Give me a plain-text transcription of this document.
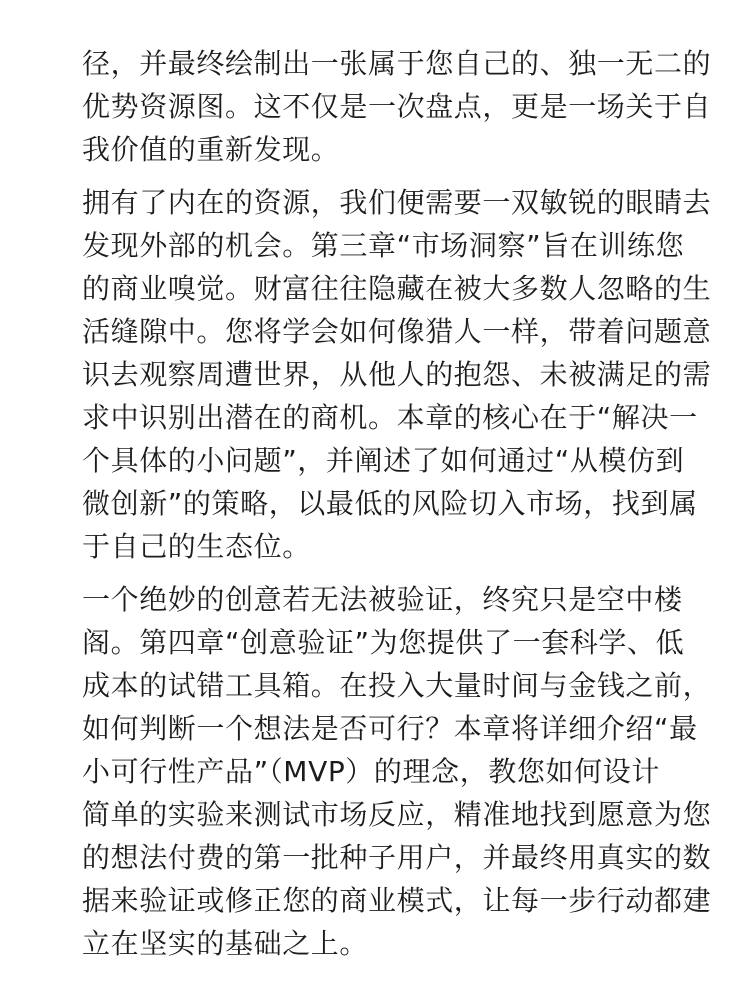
径，并最终绘制出一张属于您自己的、独一无二的
优势资源图。这不仅是一次盘点，更是一场关于自
我价值的重新发现。
拥有了内在的资源，我们便需要一双敏锐的眼睛去
发现外部的机会。第三章“市场洞察”旨在训练您
的商业嗅觉。财富往往隐藏在被大多数人忽略的生
活缝隙中。您将学会如何像猎人一样，带着问题意
识去观察周遭世界，从他人的抱怨、未被满足的需
求中识别出潜在的商机。本章的核心在于“解决一
个具体的小问题”，并阐述了如何通过“从模仿到
微创新”的策略，以最低的风险切入市场，找到属
于自己的生态位。
一个绝妙的创意若无法被验证，终究只是空中楼
阁。第四章“创意验证”为您提供了一套科学、低
成本的试错工具箱。在投入大量时间与金钱之前，
如何判断一个想法是否可行？本章将详细介绍“最
小可行性产品”（MVP）的理念，教您如何设计
简单的实验来测试市场反应，精准地找到愿意为您
的想法付费的第一批种子用户，并最终用真实的数
据来验证或修正您的商业模式，让每一步行动都建
立在坚实的基础之上。
